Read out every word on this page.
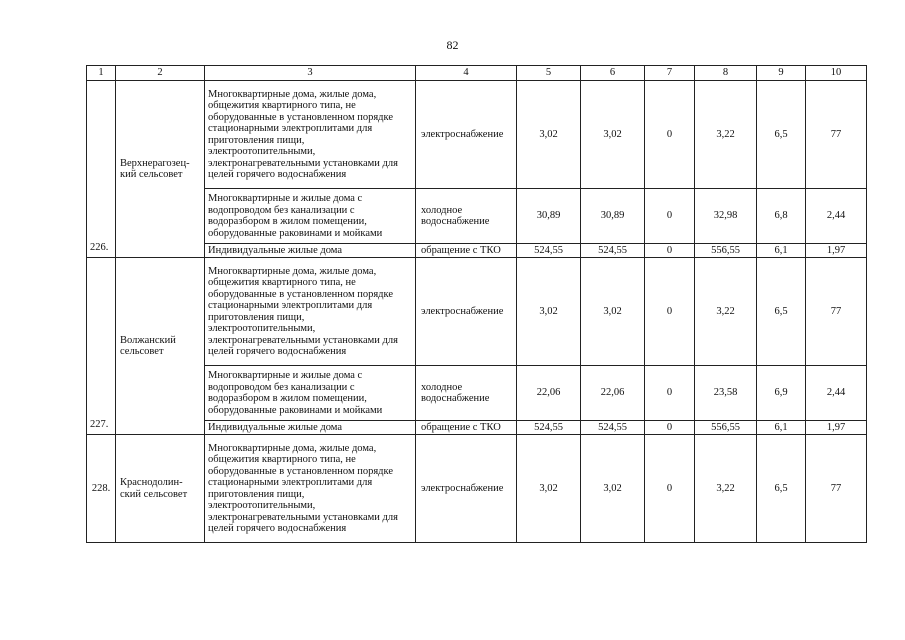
82
1	2	3	4	5	6	7	8	9	10
226.	Верхнерагозец-кий сельсовет	Многоквартирные дома, жилые дома, общежития квартирного типа, не оборудованные в установленном порядке стационарными электроплитами для приготовления пищи, электроотопительными, электронагревательными установками для целей горячего водоснабжения	электроснабжение	3,02	3,02	0	3,22	6,5	77
		Многоквартирные и жилые дома с водопроводом без канализации с водоразбором в жилом помещении, оборудованные раковинами и мойками	холодное водоснабжение	30,89	30,89	0	32,98	6,8	2,44
		Индивидуальные жилые дома	обращение с ТКО	524,55	524,55	0	556,55	6,1	1,97
227.	Волжанский сельсовет	Многоквартирные дома, жилые дома, общежития квартирного типа, не оборудованные в установленном порядке стационарными электроплитами для приготовления пищи, электроотопительными, электронагревательными установками для целей горячего водоснабжения	электроснабжение	3,02	3,02	0	3,22	6,5	77
		Многоквартирные и жилые дома с водопроводом без канализации с водоразбором в жилом помещении, оборудованные раковинами и мойками	холодное водоснабжение	22,06	22,06	0	23,58	6,9	2,44
		Индивидуальные жилые дома	обращение с ТКО	524,55	524,55	0	556,55	6,1	1,97
228.	Краснодолин-ский сельсовет	Многоквартирные дома, жилые дома, общежития квартирного типа, не оборудованные в установленном порядке стационарными электроплитами для приготовления пищи, электроотопительными, электронагревательными установками для целей горячего водоснабжения	электроснабжение	3,02	3,02	0	3,22	6,5	77
